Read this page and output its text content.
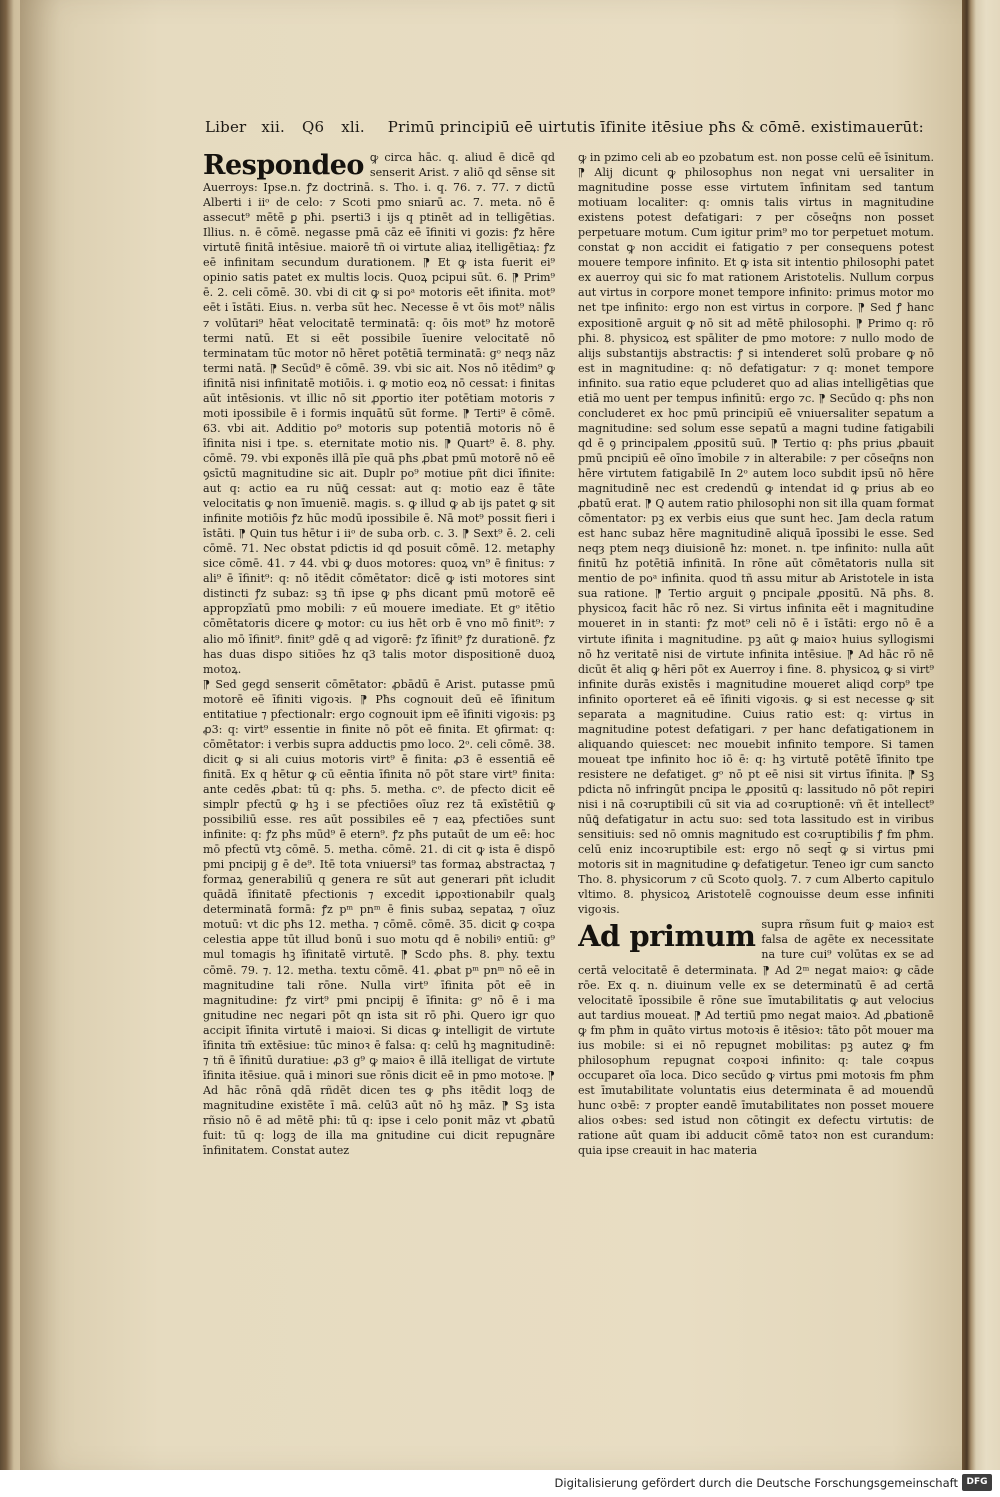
Liber xii. Q6 xli. Primū principiū eē uirtutis īfinite itēsiue pħs & cōmē. existimauerūt:
Respondeo ꝙ circa hāc. q. aliud ē dicē qd senserit Arist. ⁊ aliō qd sēnse sit Auerroys: Ipse.n. ꝭz doctrinā. s. Tho. i. q. 76. ⁊. 77. ⁊ dictū Alberti i iiᵒ de celo: ⁊ Scoti pmo sniarū ac. 7. meta. nō ē assecut⁹ mētē ꝑ pħi. pserti3 i ijs q ptinēt ad in telligētias. Illius. n. ē cōmē. negasse pmā cāz eē īfiniti vi gozis: ꝭz hēre virtutē finitā intēsiue. maiorē tñ oi virtute aliaꝝ itelligētiaꝝ: ꝭz eē infinitam secundum durationem. ⁋ Et ꝙ ista fuerit ei⁹ opinio satis patet ex multis locis. Quoꝝ pcipui sūt. 6. ⁋ Prim⁹ ē. 2. celi cōmē. 30. vbi di cit ꝙ si poᵃ motoris eēt ifinita. mot⁹ eēt i īstāti. Eius. n. verba sūt hec. Necesse ē vt ōis mot⁹ nālis ⁊ volūtari⁹ hēat velocitatē terminatā: q: ōis mot⁹ ħz motorē termi natū. Et si eēt possibile īuenire velocitatē nō terminatam tūc motor nō hēret potētiā terminatā: gᵒ neqȝ nāz termi natā. ⁋ Secūd⁹ ē cōmē. 39. vbi sic ait. Nos nō itēdim⁹ ꝙ ifinitā nisi infinitatē motiōis. i. ꝙ motio eoꝝ nō cessat: i finitas aūt intēsionis. vt illic nō sit ꝓportio iter potētiam motoris ⁊ moti ipossibile ē i formis inquātū sūt forme. ⁋ Terti⁹ ē cōmē. 63. vbi ait. Additio po⁹ motoris sup potentiā motoris nō ē īfinita nisi i tpe. s. eternitate motio nis. ⁋ Quart⁹ ē. 8. phy. cōmē. 79. vbi exponēs illā pīe quā pħs ꝓbat pmū motorē nō eē ꝯsīctū magnitudine sic ait. Duplr po⁹ motiue pñt dici īfinite: aut q: actio ea ru nūꝗ̄ cessat: aut q: motio eaz ē tāte velocitatis ꝙ non īmueniē. magis. s. ꝙ illud ꝙ ab ijs patet ꝙ sit infinite motiōis ꝭz hūc modū ipossibile ē. Nā mot⁹ possit fieri i īstāti. ⁋ Quin tus hētur i iiᵒ de suba orb. c. 3. ⁋ Sext⁹ ē. 2. celi cōmē. 71. Nec obstat pdictis id qd posuit cōmē. 12. metaphy sice cōmē. 41. ⁊ 44. vbi ꝙ duos motores: quoꝝ vn⁹ ē finitus: ⁊ ali⁹ ē īfinit⁹: q: nō itēdit cōmētator: dicē ꝙ isti motores sint distincti ꝭz subaz: sꝫ tñ ipse ꝙ pħs dicant pmū motorē eē appropzīatū pmo mobili: ⁊ eū mouere imediate. Et gᵒ itētio cōmētatoris dicere ꝙ motor: cu ius hēt orb ē vno mō finit⁹: ⁊ alio mō īfinit⁹. finit⁹ gdē q ad vigorē: ꝭz īfinit⁹ ꝭz durationē. ꝭz has duas dispo sitiōes ħz q3 talis motor dispositionē duoꝝ motoꝝ.

⁋ Sed gegd senserit cōmētator: ꝓbādū ē Arist. putasse pmū motorē eē īfiniti vigoꝛis. ⁋ Pħs cognouit deū eē īfinitum entitatiue ⁊ pfectionalr: ergo cognouit ipm eē īfiniti vigoꝛis: pꝫ ꝓ3: q: virt⁹ essentie in finite nō pōt eē finita. Et ꝯfirmat: q: cōmētator: i verbis supra adductis pmo loco. 2ᵒ. celi cōmē. 38. dicit ꝙ si ali cuius motoris virt⁹ ē finita: ꝓ3 ē essentiā eē finitā. Ex q hētur ꝙ cū eēntia īfinita nō pōt stare virt⁹ finita: ante cedēs ꝓbat: tū q: pħs. 5. metha. cᵒ. de pfecto dicit eē simplr pfectū ꝙ hꝫ i se pfectiōes oīuz rez tā exīstētiū ꝙ possibiliū esse. res aūt possibiles eē ⁊ eaꝝ pfectiōes sunt infinite: q: ꝭz pħs mūd⁹ ē etern⁹. ꝭz pħs putaūt de um eē: hoc mō pfectū vtꝫ cōmē. 5. metha. cōmē. 21. di cit ꝙ ista ē dispō pmi pncipij g ē de⁹. Itē tota vniuersi⁹ tas formaꝝ abstractaꝝ ⁊ formaꝝ generabiliū q genera re sūt aut generari pñt icludit quādā īfinitatē pfectionis ⁊ excedit iꝓpoꝛtionabilr qualꝫ determinatā formā: ꝭz pᵐ pnᵐ ē finis subaꝝ sepataꝝ ⁊ oīuz motuū: vt dic pħs 12. metha. ⁊ cōmē. cōmē. 35. dicit ꝙ coꝛpa celestia appe tūt illud bonū i suo motu qd ē nobiliꝰ entiū: g⁹ mul tomagis hꝫ īfinitatē virtutē. ⁋ Scdo pħs. 8. phy. textu cōmē. 79. ⁊. 12. metha. textu cōmē. 41. ꝓbat pᵐ pnᵐ nō eē in magnitudine tali rōne. Nulla virt⁹ īfinita pōt eē in magnitudine: ꝭz virt⁹ pmi pncipij ē īfinita: gᵒ nō ē i ma gnitudine nec negari pōt qn ista sit rō pħi. Quero igr quo accipit īfinita virtutē i maioꝛi. Si dicas ꝙ intelligit de virtute īfinita tm̄ extēsiue: tūc minoꝛ ē falsa: q: celū hꝫ magnitudinē: ⁊ tñ ē īfinitū duratiue: ꝓ3 g⁹ ꝙ maioꝛ ē illā itelligat de virtute īfinita itēsiue. quā i minori sue rōnis dicit eē in pmo motoꝛe. ⁋ Ad hāc rōnā qdā rñdēt dicen tes ꝙ pħs itēdit loqꝫ de magnitudine existēte ī mā. celū3 aūt nō hꝫ māz. ⁋ Sꝫ ista rñsio nō ē ad mētē pħi: tū q: ipse i celo ponit māz vt ꝓbatū fuit: tū q: logꝫ de illa ma gnitudine cui dicit repugnāre īnfinitatem. Constat autez

ꝙ in pzimo celi ab eo pzobatum est. non posse celū eē īsinitum. ⁋ Alij dicunt ꝙ philosophus non negat vni uersaliter in magnitudine posse esse virtutem īnfinitam sed tantum motiuam localiter: q: omnis talis virtus in magnitudine existens potest defatigari: ⁊ per cōseq̄ns non posset perpetuare motum. Cum igitur prim⁹ mo tor perpetuet motum. constat ꝙ non accidit ei fatigatio ⁊ per consequens potest mouere tempore infinito. Et ꝙ ista sit intentio philosophi patet ex auerroy qui sic fo mat rationem Aristotelis. Nullum corpus aut virtus in corpore monet tempore infinito: primus motor mo net tpe infinito: ergo non est virtus in corpore. ⁋ Sed ꝭ hanc expositionē arguit ꝙ nō sit ad mētē philosophi. ⁋ Primo q: rō pħi. 8. physicoꝝ est spāliter de pmo motore: ⁊ nullo modo de alijs substantijs abstractis: ꝭ si intenderet solū probare ꝙ nō est in magnitudine: q: nō defatigatur: ⁊ q: monet tempore infinito. sua ratio eque pcluderet quo ad alias intelligētias que etiā mo uent per tempus infinitū: ergo ⁊c. ⁋ Secūdo q: pħs non concluderet ex hoc pmū principiū eē vniuersaliter sepatum a magnitudine: sed solum esse sepatū a magni tudine fatigabili qd ē ꝯ principalem ꝓpositū suū. ⁋ Tertio q: pħs prius ꝓbauit pmū pncipiū eē oīno īmobile ⁊ in alterabile: ⁊ per cōseq̄ns non hēre virtutem fatigabilē In 2ᵒ autem loco subdit ipsū nō hēre magnitudinē nec est credendū ꝙ intendat id ꝙ prius ab eo ꝓbatū erat. ⁋ Q autem ratio philosophi non sit illa quam format cōmentator: pꝫ ex verbis eius que sunt hec. Jam decla ratum est hanc subaz hēre magnitudinē aliquā īpossibi le esse. Sed neqȝ ptem neqȝ diuisionē ħz: monet. n. tpe infinito: nulla aūt finitū ħz potētiā infinitā. In rōne aūt cōmētatoris nulla sit mentio de poᵃ infinita. quod tñ assu mitur ab Aristotele in ista sua ratione. ⁋ Tertio arguit ꝯ pncipale ꝓpositū. Nā pħs. 8. physicoꝝ facit hāc rō nez. Si virtus infinita eēt i magnitudine moueret in in stanti: ꝭz mot⁹ celi nō ē i īstāti: ergo nō ē a virtute ifinita i magnitudine. pꝫ aūt ꝙ maioꝛ huius syllogismi nō ħz veritatē nisi de virtute infinita intēsiue. ⁋ Ad hāc rō nē dicūt ēt aliq ꝙ hēri pōt ex Auerroy i fine. 8. physicoꝝ ꝙ si virt⁹ infinite durās existēs i magnitudine moueret aliqd corp⁹ tpe infinito oporteret eā eē īfiniti vigoꝛis. ꝙ si est necesse ꝙ sit separata a magnitudine. Cuius ratio est: q: virtus in magnitudine potest defatigari. ⁊ per hanc defatigationem in aliquando quiescet: nec mouebit infinito tempore. Si tamen moueat tpe infinito hoc iō ē: q: hꝫ virtutē potētē īfinito tpe resistere ne defatiget. gᵒ nō pt eē nisi sit virtus īfinita. ⁋ Sꝫ pdicta nō infringūt pncipa le ꝓpositū q: lassitudo nō pōt repiri nisi i nā coꝛruptibili cū sit via ad coꝛruptionē: vñ ēt intellect⁹ nūꝗ̄ defatigatur in actu suo: sed tota lassitudo est in viribus sensitiuis: sed nō omnis magnitudo est coꝛruptibilis ꝭ fm pħm. celū eniz incoꝛruptibile est: ergo nō seqt̄ ꝙ si virtus pmi motoris sit in magnitudine ꝙ defatigetur. Teneo igr cum sancto Tho. 8. physicorum ⁊ cū Scoto quolꝫ. 7. ⁊ cum Alberto capitulo vltimo. 8. physicoꝝ Aristotelē cognouisse deum esse infiniti vigoꝛis.

Ad primum supra rñsum fuit ꝙ maioꝛ est falsa de agēte ex necessitate na ture cui⁹ volūtas ex se ad certā velocitatē ē determinata. ⁋ Ad 2ᵐ negat maioꝛ: ꝙ cāde rōe. Ex q. n. diuinum velle ex se determinatū ē ad certā velocitatē īpossibile ē rōne sue īmutabilitatis ꝙ aut velocius aut tardius moueat. ⁋ Ad tertiū pmo negat maioꝛ. Ad ꝓbationē ꝙ fm pħm in quāto virtus motoꝛis ē itēsioꝛ: tāto pōt mouer ma ius mobile: si ei nō repugnet mobilitas: pꝫ autez ꝙ fm philosophum repugnat coꝛpoꝛi infinito: q: tale coꝛpus occuparet oīa loca. Dico secūdo ꝙ virtus pmi motoꝛis fm pħm est īmutabilitate voluntatis eius determinata ē ad mouendū hunc oꝛbē: ⁊ propter eandē īmutabilitates non posset mouere alios oꝛbes: sed istud non cōtingit ex defectu virtutis: de ratione aūt quam ibi adducit cōmē tatoꝛ non est curandum: quia ipse creauit in hac materia

Digitalisierung gefördert durch die Deutsche Forschungsgemeinschaft DFG
